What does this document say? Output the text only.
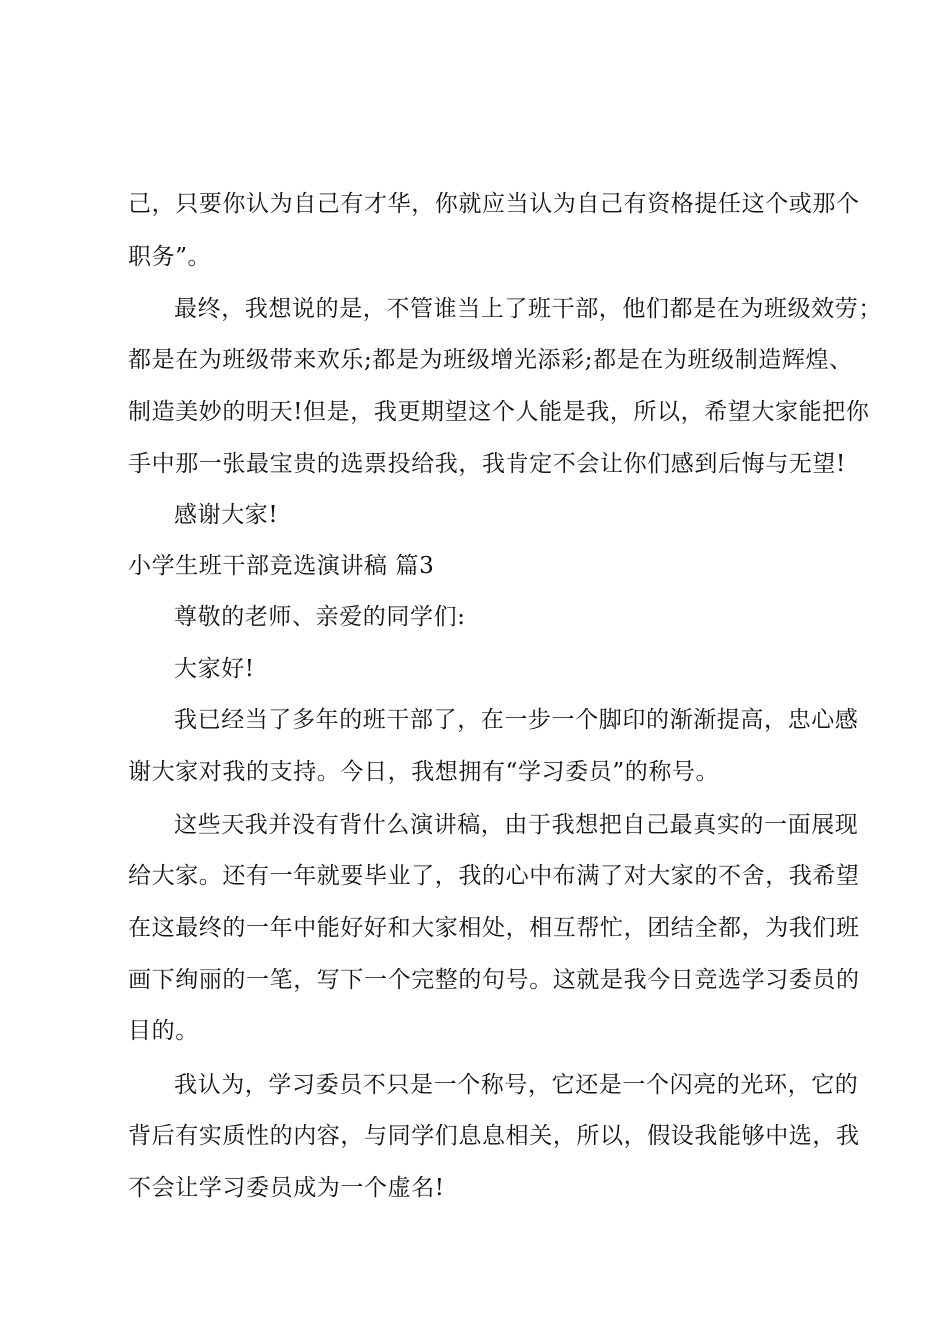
己，只要你认为自己有才华，你就应当认为自己有资格提任这个或那个
职务”。
最终，我想说的是，不管谁当上了班干部，他们都是在为班级效劳；
都是在为班级带来欢乐;都是为班级增光添彩;都是在为班级制造辉煌、
制造美妙的明天!但是，我更期望这个人能是我，所以，希望大家能把你
手中那一张最宝贵的选票投给我，我肯定不会让你们感到后悔与无望!
感谢大家!
小学生班干部竞选演讲稿 篇3
尊敬的老师、亲爱的同学们:
大家好!
我已经当了多年的班干部了，在一步一个脚印的渐渐提高，忠心感
谢大家对我的支持。今日，我想拥有“学习委员”的称号。
这些天我并没有背什么演讲稿，由于我想把自己最真实的一面展现
给大家。还有一年就要毕业了，我的心中布满了对大家的不舍，我希望
在这最终的一年中能好好和大家相处，相互帮忙，团结全都，为我们班
画下绚丽的一笔，写下一个完整的句号。这就是我今日竞选学习委员的
目的。
我认为，学习委员不只是一个称号，它还是一个闪亮的光环，它的
背后有实质性的内容，与同学们息息相关，所以，假设我能够中选，我
不会让学习委员成为一个虚名!
